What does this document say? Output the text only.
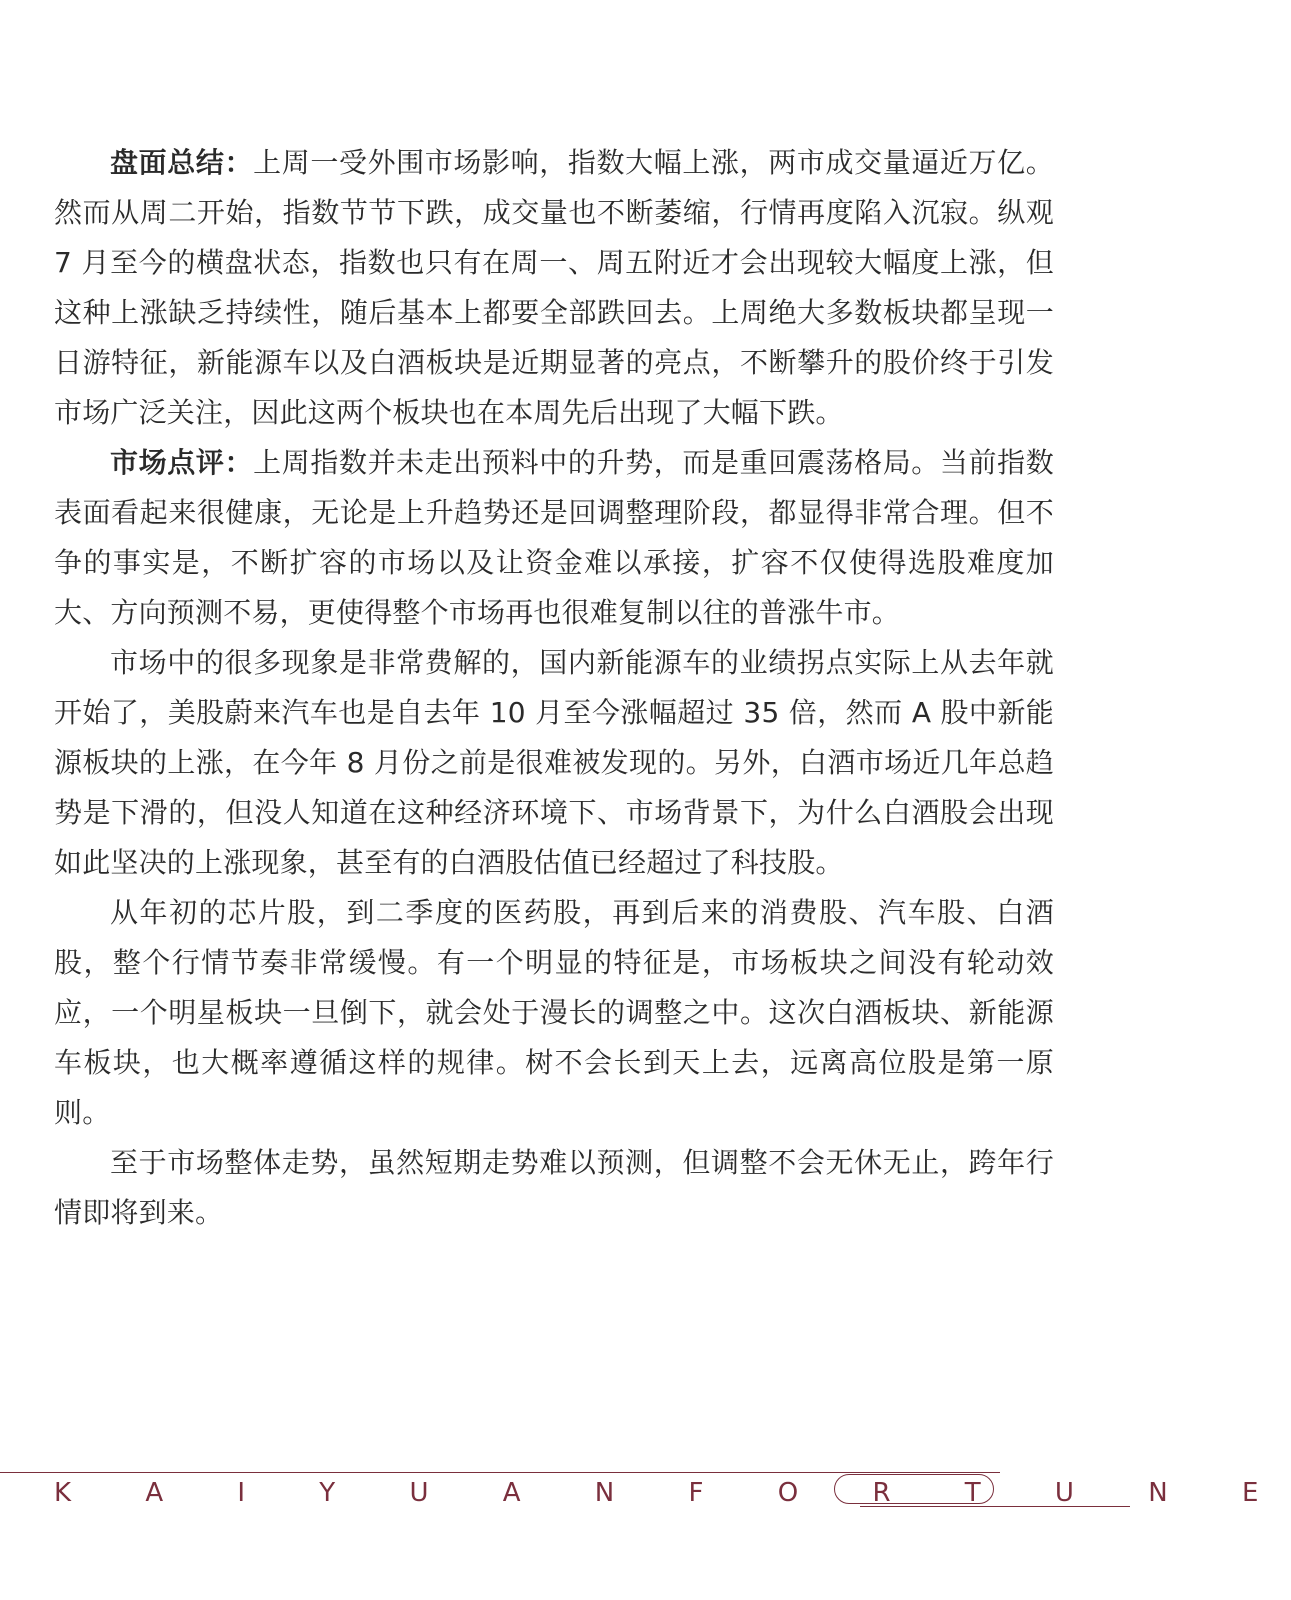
盘面总结：上周一受外围市场影响，指数大幅上涨，两市成交量逼近万亿。然而从周二开始，指数节节下跌，成交量也不断萎缩，行情再度陷入沉寂。纵观 7 月至今的横盘状态，指数也只有在周一、周五附近才会出现较大幅度上涨，但这种上涨缺乏持续性，随后基本上都要全部跌回去。上周绝大多数板块都呈现一日游特征，新能源车以及白酒板块是近期显著的亮点，不断攀升的股价终于引发市场广泛关注，因此这两个板块也在本周先后出现了大幅下跌。

市场点评：上周指数并未走出预料中的升势，而是重回震荡格局。当前指数表面看起来很健康，无论是上升趋势还是回调整理阶段，都显得非常合理。但不争的事实是，不断扩容的市场以及让资金难以承接，扩容不仅使得选股难度加大、方向预测不易，更使得整个市场再也很难复制以往的普涨牛市。

市场中的很多现象是非常费解的，国内新能源车的业绩拐点实际上从去年就开始了，美股蔚来汽车也是自去年 10 月至今涨幅超过 35 倍，然而 A 股中新能源板块的上涨，在今年 8 月份之前是很难被发现的。另外，白酒市场近几年总趋势是下滑的，但没人知道在这种经济环境下、市场背景下，为什么白酒股会出现如此坚决的上涨现象，甚至有的白酒股估值已经超过了科技股。

从年初的芯片股，到二季度的医药股，再到后来的消费股、汽车股、白酒股，整个行情节奏非常缓慢。有一个明显的特征是，市场板块之间没有轮动效应，一个明星板块一旦倒下，就会处于漫长的调整之中。这次白酒板块、新能源车板块，也大概率遵循这样的规律。树不会长到天上去，远离高位股是第一原则。

至于市场整体走势，虽然短期走势难以预测，但调整不会无休无止，跨年行情即将到来。

K A I Y U A N F O R T U N E
